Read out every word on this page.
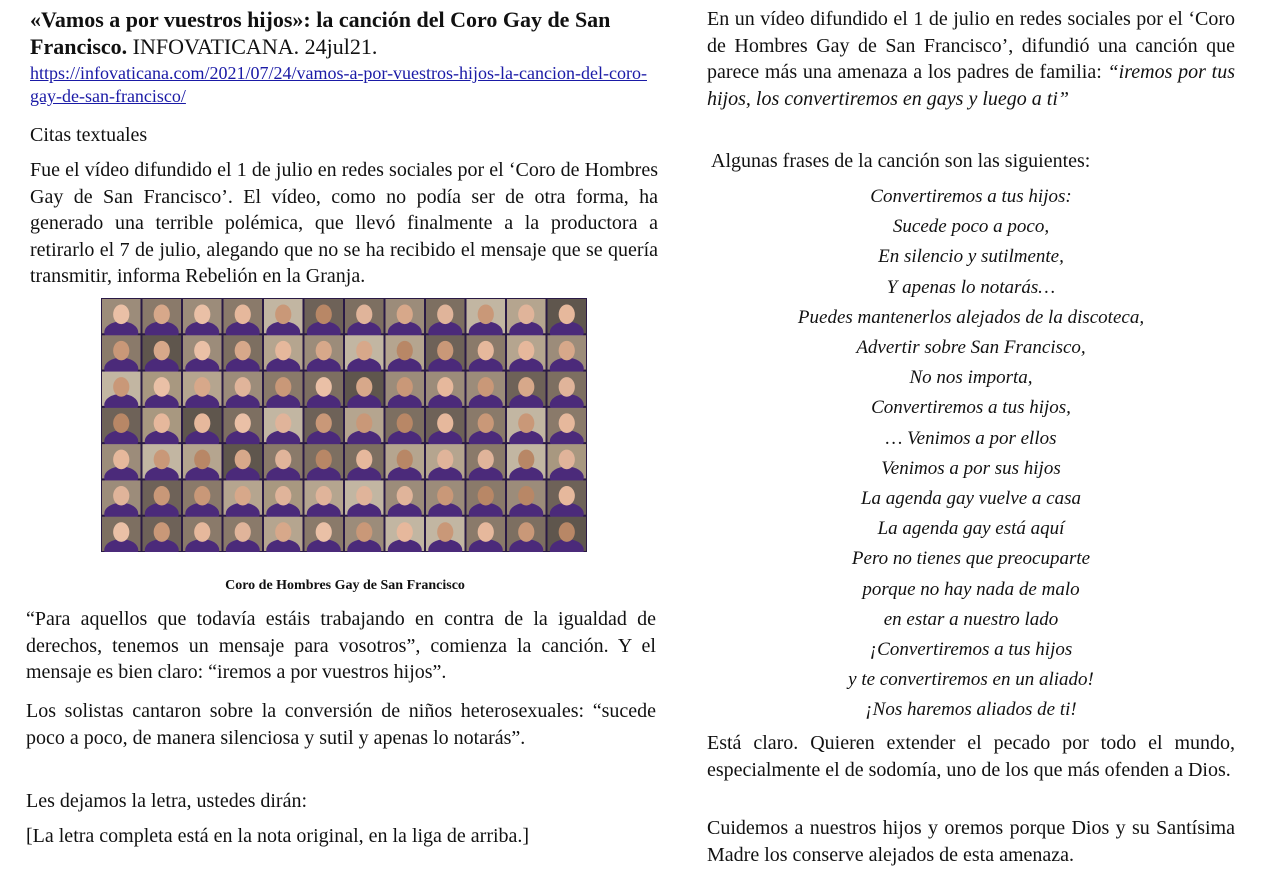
«Vamos a por vuestros hijos»: la canción del Coro Gay de San Francisco. INFOVATICANA. 24jul21.
https://infovaticana.com/2021/07/24/vamos-a-por-vuestros-hijos-la-cancion-del-coro-gay-de-san-francisco/
Citas textuales
Fue el vídeo difundido el 1 de julio en redes sociales por el ‘Coro de Hombres Gay de San Francisco’. El vídeo, como no podía ser de otra forma, ha generado una terrible polémica, que llevó finalmente a la productora a retirarlo el 7 de julio, alegando que no se ha recibido el mensaje que se quería transmitir, informa Rebelión en la Granja.
Coro de Hombres Gay de San Francisco
“Para aquellos que todavía estáis trabajando en contra de la igualdad de derechos, tenemos un mensaje para vosotros”, comienza la canción. Y el mensaje es bien claro: “iremos a por vuestros hijos”.
Los solistas cantaron sobre la conversión de niños heterosexuales: “sucede poco a poco, de manera silenciosa y sutil y apenas lo notarás”.
Les dejamos la letra, ustedes dirán:
[La letra completa está en la nota original, en la liga de arriba.]
En un vídeo difundido el 1 de julio en redes sociales por el ‘Coro de Hombres Gay de San Francisco’, difundió una canción que parece más una amenaza a los padres de familia: “iremos por tus hijos, los convertiremos en gays y luego a ti”
Algunas frases de la canción son las siguientes:
Convertiremos a tus hijos:
Sucede poco a poco,
En silencio y sutilmente,
Y apenas lo notarás…
Puedes mantenerlos alejados de la discoteca,
Advertir sobre San Francisco,
No nos importa,
Convertiremos a tus hijos,
… Venimos a por ellos
Venimos a por sus hijos
La agenda gay vuelve a casa
La agenda gay está aquí
Pero no tienes que preocuparte
porque no hay nada de malo
en estar a nuestro lado
¡Convertiremos a tus hijos
y te convertiremos en un aliado!
¡Nos haremos aliados de ti!
Está claro. Quieren extender el pecado por todo el mundo, especialmente el de sodomía, uno de los que más ofenden a Dios.
Cuidemos a nuestros hijos y oremos porque Dios y su Santísima Madre los conserve alejados de esta amenaza.
